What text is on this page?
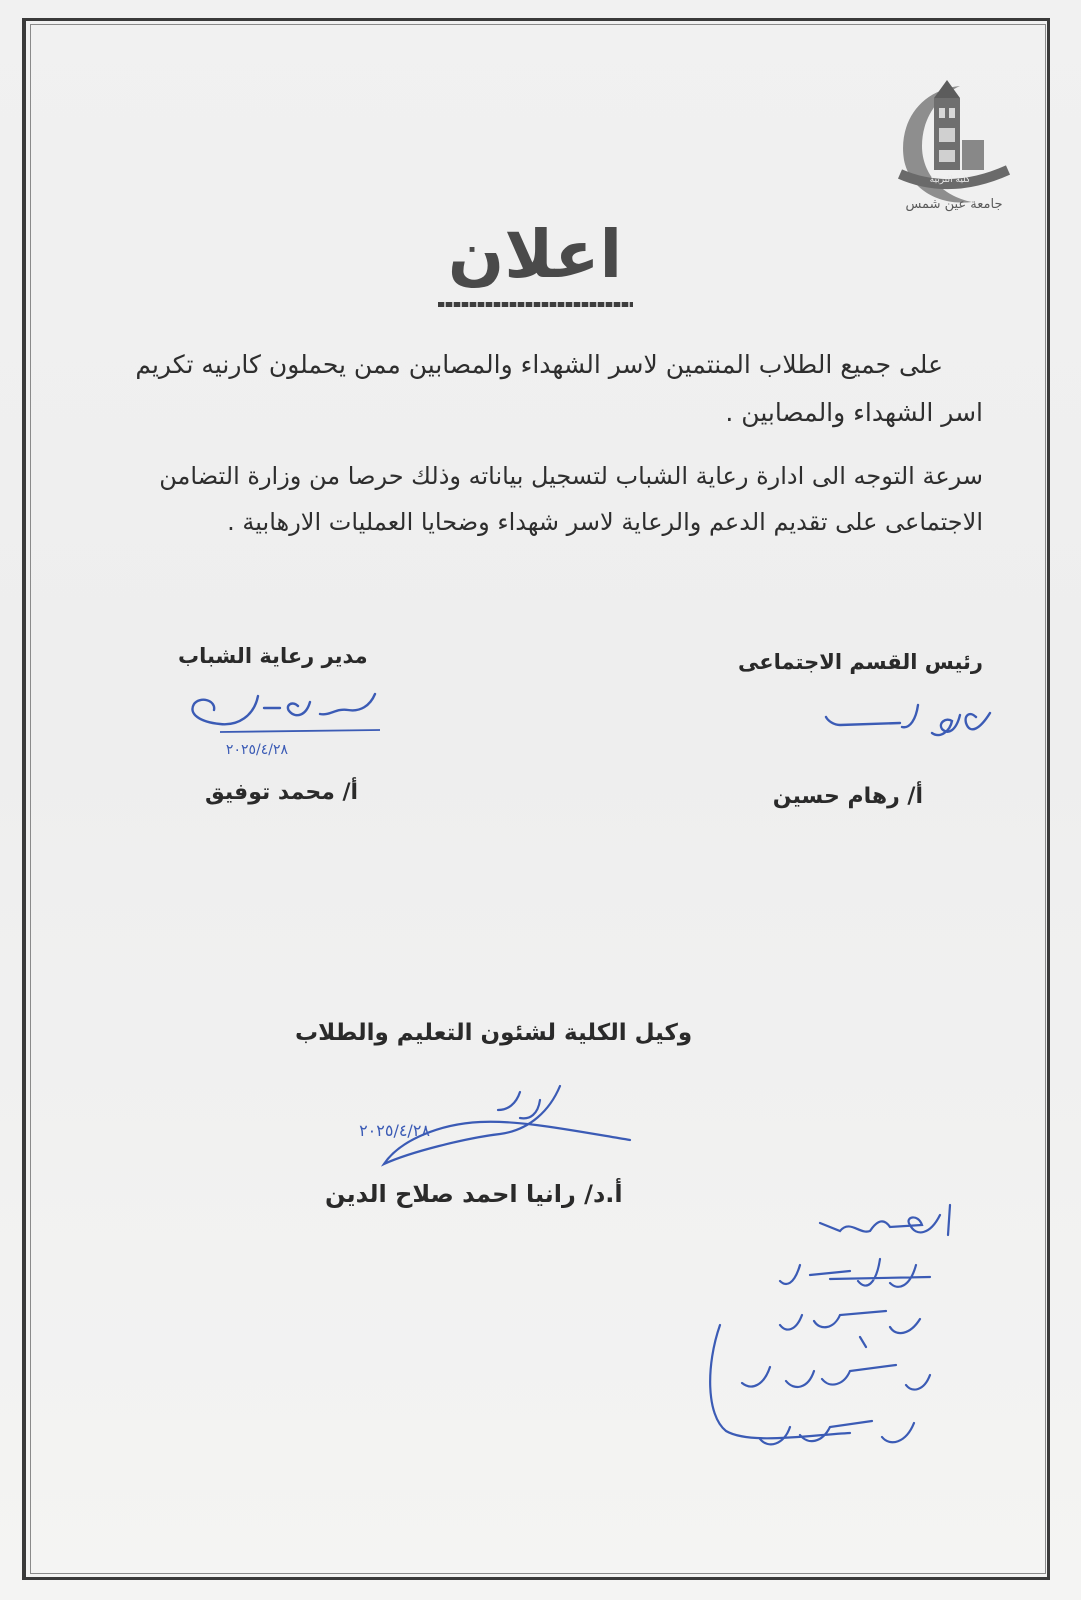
جامعة عين شمس
كلية التربية
اعلان
على جميع الطلاب المنتمين لاسر الشهداء والمصابين ممن يحملون كارنيه تكريم
اسر الشهداء والمصابين .
سرعة التوجه الى ادارة رعاية الشباب لتسجيل بياناته وذلك حرصا من وزارة التضامن
الاجتماعى على تقديم الدعم والرعاية لاسر شهداء وضحايا العمليات الارهابية .
رئيس القسم الاجتماعى
أ/ رهام حسين
مدير رعاية الشباب
٢٠٢٥/٤/٢٨
أ/ محمد توفيق
وكيل الكلية لشئون التعليم والطلاب
٢٠٢٥/٤/٢٨
أ.د/ رانيا احمد صلاح الدين
